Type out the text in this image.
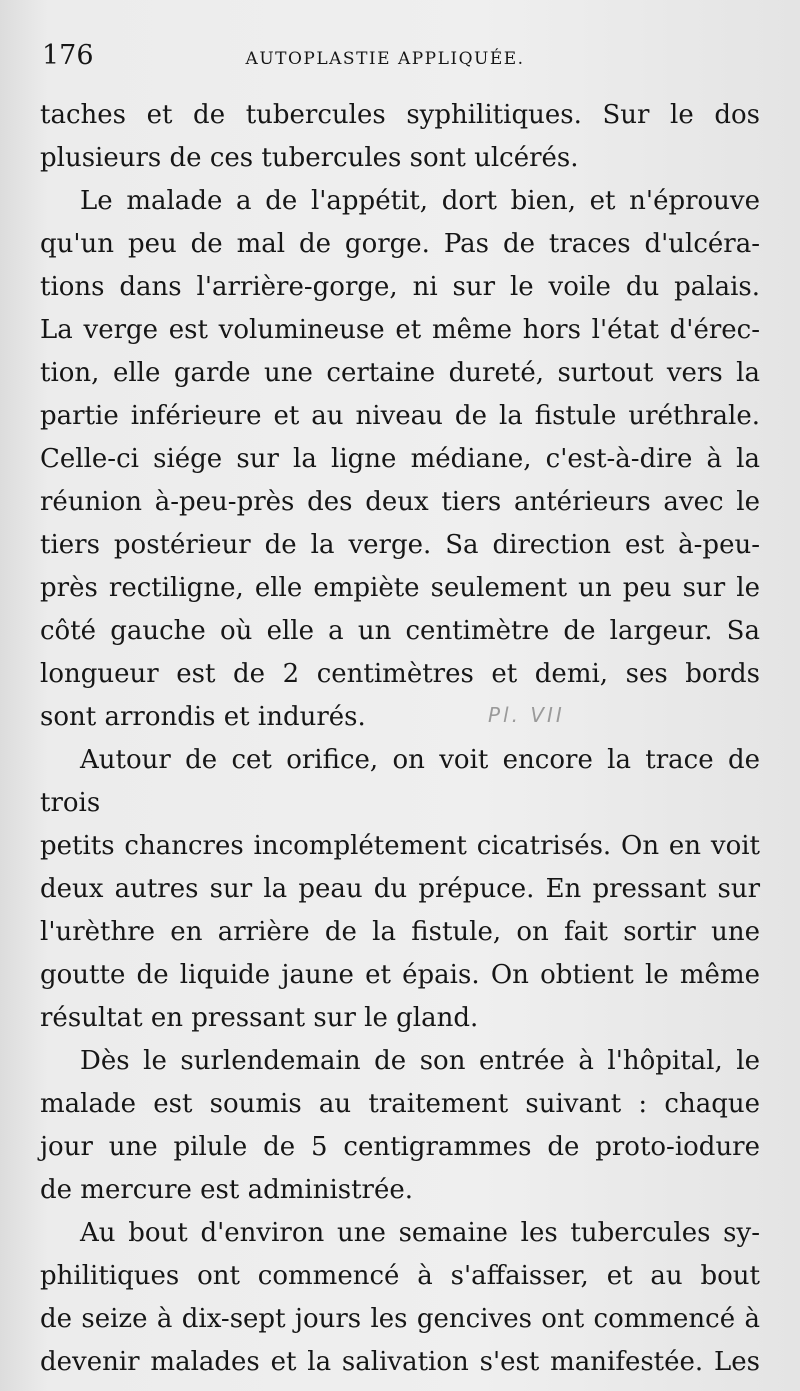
176	AUTOPLASTIE APPLIQUÉE.

taches et de tubercules syphilitiques. Sur le dos

plusieurs de ces tubercules sont ulcérés.

Le malade a de l'appétit, dort bien, et n'éprouve

qu'un peu de mal de gorge. Pas de traces d'ulcéra-

tions dans l'arrière-gorge, ni sur le voile du palais.

La verge est volumineuse et même hors l'état d'érec-

tion, elle garde une certaine dureté, surtout vers la

partie inférieure et au niveau de la fistule uréthrale.

Celle-ci siége sur la ligne médiane, c'est-à-dire à la

réunion à-peu-près des deux tiers antérieurs avec le

tiers postérieur de la verge. Sa direction est à-peu-

près rectiligne, elle empiète seulement un peu sur le

côté gauche où elle a un centimètre de largeur. Sa

longueur est de 2 centimètres et demi, ses bords

sont arrondis et indurés.

Autour de cet orifice, on voit encore la trace de trois

petits chancres incomplétement cicatrisés. On en voit

deux autres sur la peau du prépuce. En pressant sur

l'urèthre en arrière de la fistule, on fait sortir une

goutte de liquide jaune et épais. On obtient le même

résultat en pressant sur le gland.

Dès le surlendemain de son entrée à l'hôpital, le

malade est soumis au traitement suivant : chaque

jour une pilule de 5 centigrammes de proto-iodure

de mercure est administrée.

Au bout d'environ une semaine les tubercules sy-

philitiques ont commencé à s'affaisser, et au bout

de seize à dix-sept jours les gencives ont commencé à

devenir malades et la salivation s'est manifestée. Les

Pl. VII
